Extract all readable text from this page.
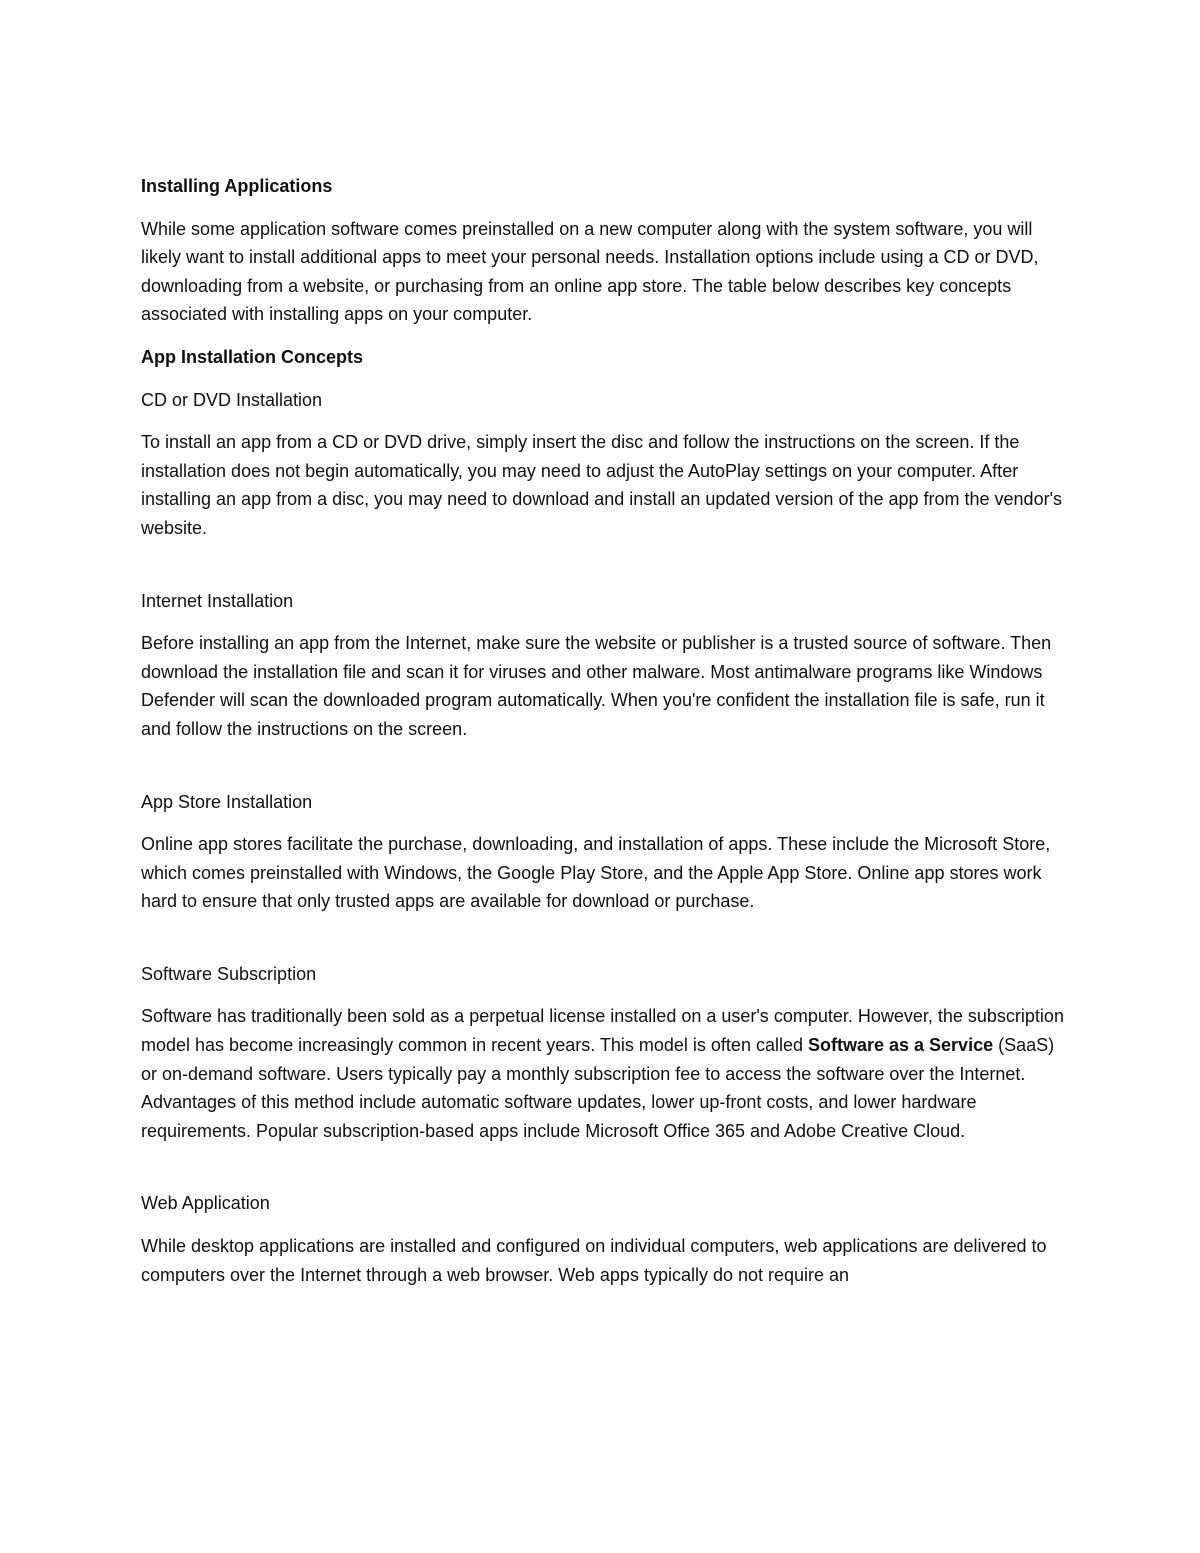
Installing Applications

While some application software comes preinstalled on a new computer along with the system software, you will likely want to install additional apps to meet your personal needs. Installation options include using a CD or DVD, downloading from a website, or purchasing from an online app store. The table below describes key concepts associated with installing apps on your computer.

App Installation Concepts

CD or DVD Installation

To install an app from a CD or DVD drive, simply insert the disc and follow the instructions on the screen. If the installation does not begin automatically, you may need to adjust the AutoPlay settings on your computer. After installing an app from a disc, you may need to download and install an updated version of the app from the vendor's website.

Internet Installation

Before installing an app from the Internet, make sure the website or publisher is a trusted source of software. Then download the installation file and scan it for viruses and other malware. Most antimalware programs like Windows Defender will scan the downloaded program automatically. When you're confident the installation file is safe, run it and follow the instructions on the screen.

App Store Installation

Online app stores facilitate the purchase, downloading, and installation of apps. These include the Microsoft Store, which comes preinstalled with Windows, the Google Play Store, and the Apple App Store. Online app stores work hard to ensure that only trusted apps are available for download or purchase.

Software Subscription

Software has traditionally been sold as a perpetual license installed on a user's computer. However, the subscription model has become increasingly common in recent years. This model is often called Software as a Service (SaaS) or on-demand software. Users typically pay a monthly subscription fee to access the software over the Internet. Advantages of this method include automatic software updates, lower up-front costs, and lower hardware requirements. Popular subscription-based apps include Microsoft Office 365 and Adobe Creative Cloud.

Web Application

While desktop applications are installed and configured on individual computers, web applications are delivered to computers over the Internet through a web browser. Web apps typically do not require an
